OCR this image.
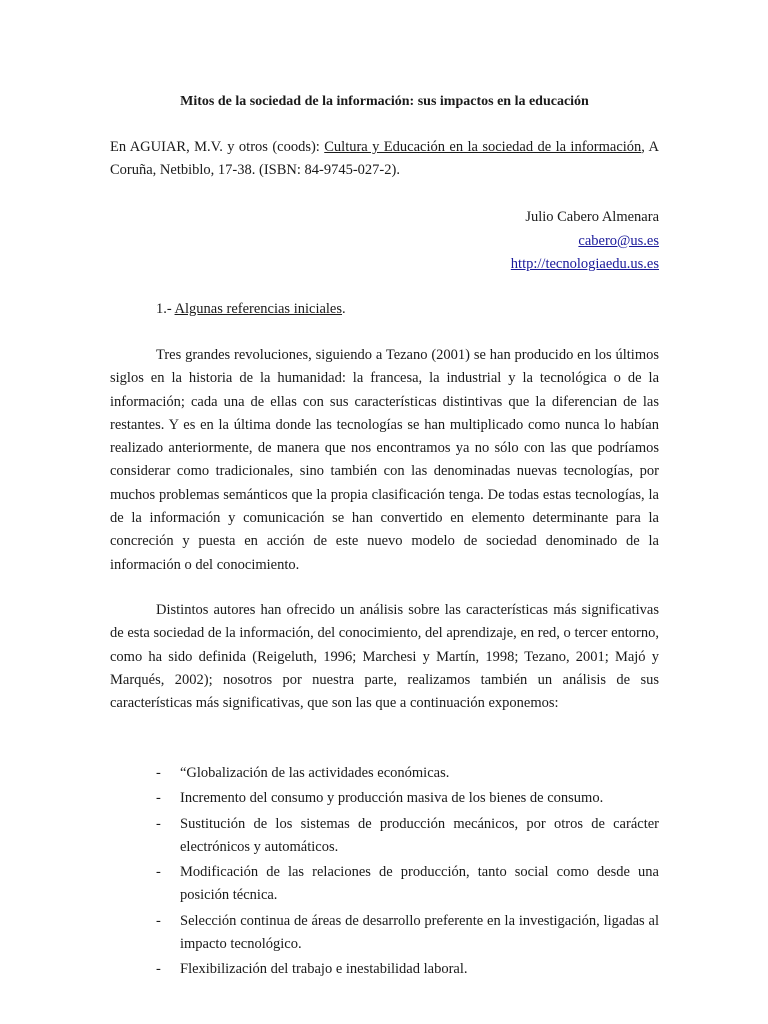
Mitos de la sociedad de la información: sus impactos en la educación
En AGUIAR, M.V. y otros (coods): Cultura y Educación en la sociedad de la información, A Coruña, Netbiblo, 17-38. (ISBN: 84-9745-027-2).
Julio Cabero Almenara
cabero@us.es
http://tecnologiaedu.us.es
1.- Algunas referencias iniciales.

Tres grandes revoluciones, siguiendo a Tezano (2001) se han producido en los últimos siglos en la historia de la humanidad: la francesa, la industrial y la tecnológica o de la información; cada una de ellas con sus características distintivas que la diferencian de las restantes. Y es en la última donde las tecnologías se han multiplicado como nunca lo habían realizado anteriormente, de manera que nos encontramos ya no sólo con las que podríamos considerar como tradicionales, sino también con las denominadas nuevas tecnologías, por muchos problemas semánticos que la propia clasificación tenga. De todas estas tecnologías, la de la información y comunicación se han convertido en elemento determinante para la concreción y puesta en acción de este nuevo modelo de sociedad denominado de la información o del conocimiento.

Distintos autores han ofrecido un análisis sobre las características más significativas de esta sociedad de la información, del conocimiento, del aprendizaje, en red, o tercer entorno, como ha sido definida (Reigeluth, 1996; Marchesi y Martín, 1998; Tezano, 2001; Majó y Marqués, 2002); nosotros por nuestra parte, realizamos también un análisis de sus características más significativas, que son las que a continuación exponemos:

- “Globalización de las actividades económicas.
- Incremento del consumo y producción masiva de los bienes de consumo.
- Sustitución de los sistemas de producción mecánicos, por otros de carácter electrónicos y automáticos.
- Modificación de las relaciones de producción, tanto social como desde una posición técnica.
- Selección continua de áreas de desarrollo preferente en la investigación, ligadas al impacto tecnológico.
- Flexibilización del trabajo e inestabilidad laboral.
